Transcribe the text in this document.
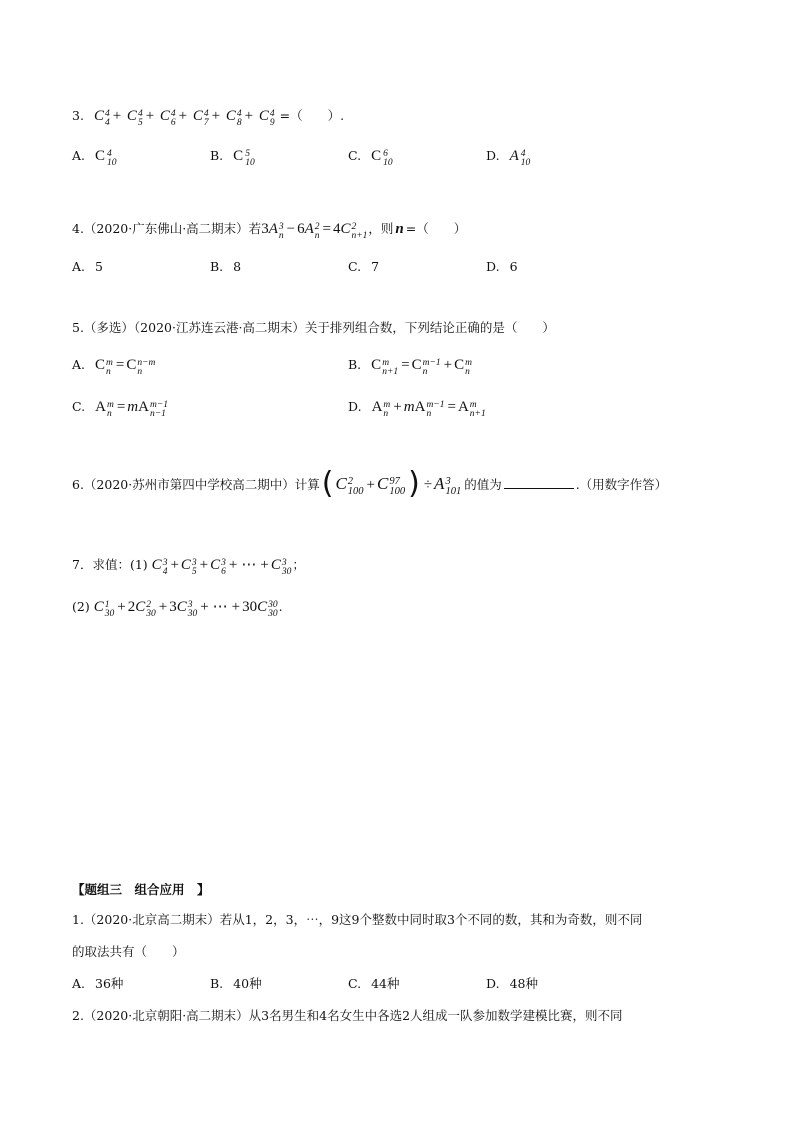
3. C 4
4 + C 4
5 + C 4
6 + C 4
7 + C 4
8 + C 4
9 =（　　）.
A. C 4
10	B. C 5
10	C. C 6
10	D. A 4
10
4.（2020·广东佛山·高二期末）若 3A 3
n − 6A 2
n = 4C 2
n+1 ，则 n =（　　）
A. 5	B. 8	C. 7	D. 6
5.（多选）（2020·江苏连云港·高二期末）关于排列组合数，下列结论正确的是（　　）
A. C m
n = C n−m
n	B. C m
n+1 = C m−1
n	+ C m
n
C. A m
n = mA m−1
n−1	D. A m
n + mA m−1
n	= A m
n+1
6.（2020·苏州市第四中学校高二期中）计算 ( C 2
100 + C 97
100 ) ÷ A 3
101 的值为	.（用数字作答）
7．求值：(1) C 3
4 + C 3
5 + C 3
6 + ⋯ + C 3
30 ；
(2) C 1
30 + 2C 2
30 + 3C 3
30 + ⋯ + 30C 30
30 .
【题组三　组合应用　】
1.（2020·北京高二期末）若从1，2，3，⋯，9这9个整数中同时取3个不同的数，其和为奇数，则不同
的取法共有（　　）
A. 36种	B. 40种	C. 44种	D. 48种
2.（2020·北京朝阳·高二期末）从3名男生和4名女生中各选2人组成一队参加数学建模比赛，则不同
